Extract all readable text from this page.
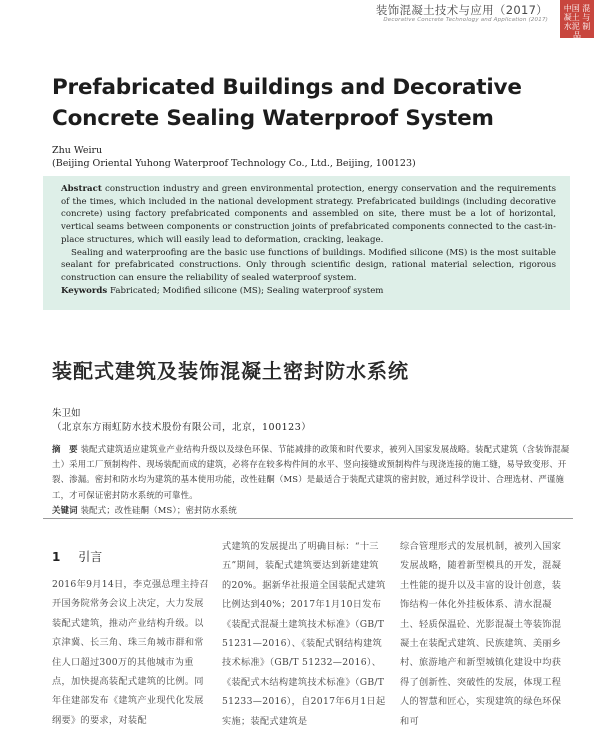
装饰混凝土技术与应用（2017）
Decorative Concrete Technology and Application (2017)
中国 混凝土 与水泥 制品
装饰
Prefabricated Buildings and Decorative Concrete Sealing Waterproof System
Zhu Weiru
(Beijing Oriental Yuhong Waterproof Technology Co., Ltd., Beijing, 100123)

Abstract construction industry and green environmental protection, energy conservation and the requirements of the times, which included in the national development strategy. Prefabricated buildings (including decorative concrete) using factory prefabricated components and assembled on site, there must be a lot of horizontal, vertical seams between components or construction joints of prefabricated components connected to the cast-in-place structures, which will easily lead to deformation, cracking, leakage.

Sealing and waterproofing are the basic use functions of buildings. Modified silicone (MS) is the most suitable sealant for prefabricated constructions. Only through scientific design, rational material selection, rigorous construction can ensure the reliability of sealed waterproof system.

Keywords Fabricated; Modified silicone (MS); Sealing waterproof system

装配式建筑及装饰混凝土密封防水系统
朱卫如
（北京东方雨虹防水技术股份有限公司，北京，100123）

摘　要 装配式建筑适应建筑业产业结构升级以及绿色环保、节能减排的政策和时代要求，被列入国家发展战略。装配式建筑（含装饰混凝土）采用工厂预制构件、现场装配而成的建筑，必将存在较多构件间的水平、竖向接缝或预制构件与现浇连接的施工缝，易导致变形、开裂、渗漏。密封和防水均为建筑的基本使用功能，改性硅酮（MS）是最适合于装配式建筑的密封胶，通过科学设计、合理选材、严谨施工，才可保证密封防水系统的可靠性。

关键词 装配式；改性硅酮（MS）；密封防水系统

1 引言

2016年9月14日，李克强总理主持召开国务院常务会议上决定，大力发展装配式建筑，推动产业结构升级。以京津冀、长三角、珠三角城市群和常住人口超过300万的其他城市为重点，加快提高装配式建筑的比例。同年住建部发布《建筑产业现代化发展纲要》的要求，对装配

式建筑的发展提出了明确目标：“十三五”期间，装配式建筑要达到新建建筑的20%。据新华社报道全国装配式建筑比例达到40%；2017年1月10日发布《装配式混凝土建筑技术标准》（GB/T 51231—2016）、《装配式钢结构建筑技术标准》（GB/T 51232—2016）、《装配式木结构建筑技术标准》（GB/T 51233—2016），自2017年6月1日起实施；装配式建筑是

综合管理形式的发展机制，被列入国家发展战略，随着新型模具的开发，混凝土性能的提升以及丰富的设计创意，装饰结构一体化外挂板体系、清水混凝土、轻质保温砼、光影混凝土等装饰混凝土在装配式建筑、民族建筑、美丽乡村、旅游地产和新型城镇化建设中均获得了创新性、突破性的发展，体现工程人的智慧和匠心，实现建筑的绿色环保和可
